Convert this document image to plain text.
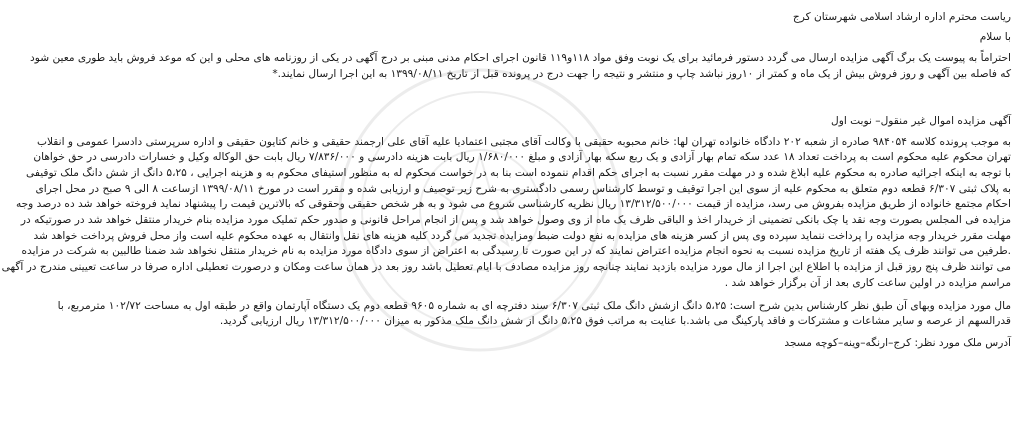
ریاست محترم اداره ارشاد اسلامی شهرستان کرج

با سلام

احتراماً به پیوست یک برگ آگهی مزایده ارسال می گردد دستور فرمائید برای یک نوبت وفق مواد ۱۱۸و۱۱۹ قانون اجرای احکام مدنی مبنی بر درج آگهی در یکی از روزنامه های محلی و این که موعد فروش باید طوری معین شود

که فاصله بین آگهی و روز فروش بیش از یک ماه و کمتر از ۱۰روز نباشد چاپ و منتشر و نتیجه را جهت درج در پرونده قبل از تاریخ ۱۳۹۹/۰۸/۱۱ به این اجرا ارسال نمایند.*

آگهی مزایده اموال غیر منقول– نوبت اول

به موجب پرونده کلاسه ۹۸۴۰۵۴ صادره از شعبه ۲۰۲ دادگاه خانواده تهران لها: خانم محبوبه حقیقی با وکالت آقای مجتبی اعتمادیا علیه آقای علی ارجمند حقیقی و خانم کتایون حقیقی و اداره سرپرستی دادسرا عمومی و انقلاب

تهران محکوم علیه محکوم است به پرداخت تعداد ۱۸ عدد سکه تمام بهار آزادی و یک ربع سکه بهار آزادی و مبلغ ۱/۶۸۰/۰۰۰ ریال بابت هزینه دادرسی و ۷/۸۳۶/۰۰۰ ریال بابت حق الوکاله وکیل و خسارات دادرسی در حق خواهان

با توجه به اینکه اجرائیه صادره به محکوم علیه ابلاغ شده و در مهلت مقرر نسبت به اجرای حکم اقدام ننموده است بنا به در خواست محکوم له به منظور استیفای محکوم به و هزینه اجرایی ، ۵،۲۵ دانگ از شش دانگ ملک توقیفی

به پلاک ثبتی ۶/۳۰۷ قطعه دوم متعلق به محکوم علیه از سوی این اجرا توقیف و توسط کارشناس رسمی دادگستری به شرح زیر توصیف و ارزیابی شده و مقرر است در مورخ ۱۳۹۹/۰۸/۱۱ ازساعت ۸ الی ۹ صبح در محل اجرای

احکام مجتمع خانواده از طریق مزایده بفروش می رسد، مزایده از قیمت ۱۳/۳۱۲/۵۰۰/۰۰۰ ریال نظریه کارشناسی شروع می شود و به هر شخص حقیقی وحقوقی که بالاترین قیمت را پیشنهاد نماید فروخته خواهد شد ده درصد وجه

مزایده فی المجلس بصورت وجه نقد یا چک بانکی تضمینی از خریدار اخذ و الباقی ظرف یک ماه از وی وصول خواهد شد و پس از انجام مراحل قانونی و صدور حکم تملیک مورد مزایده بنام خریدار منتقل خواهد شد در صورتیکه در

مهلت مقرر خریدار وجه مزایده را پرداخت ننماید سپرده وی پس از کسر هزینه های مزایده به نفع دولت ضبط ومزایده تجدید می گردد کلیه هزینه های نقل وانتقال به عهده محکوم علیه است واز محل فروش پرداخت خواهد شد

.طرفین می توانند ظرف یک هفته از تاریخ مزایده نسبت به نحوه انجام مزایده اعتراض نمایند که در این صورت تا رسیدگی به اعتراض از سوی دادگاه مورد مزایده به نام خریدار منتقل نخواهد شد ضمنا طالبین به شرکت در مزایده

می توانند ظرف پنج روز قبل از مزایده با اطلاع این اجرا از مال مورد مزایده بازدید نمایند چنانچه روز مزایده مصادف با ایام تعطیل باشد روز بعد در همان ساعت ومکان و درصورت تعطیلی اداره صرفا در ساعت تعیینی مندرج در آگهی

مراسم مزایده در اولین ساعت کاری بعد از آن برگزار خواهد شد .

مال مورد مزایده وبهای آن طبق نظر کارشناس بدین شرح است: ۵،۲۵ دانگ ازشش دانگ ملک ثبتی ۶/۳۰۷ سند دفترچه ای به شماره ۹۶۰۵ قطعه دوم یک دستگاه آپارتمان واقع در طبقه اول به مساحت ۱۰۲/۷۲ مترمربع، با

قدرالسهم از عرصه و سایر مشاعات و مشترکات و فاقد پارکینگ می باشد.با عنایت به مراتب فوق ۵،۲۵ دانگ از شش دانگ ملک مذکور به میزان ۱۳/۳۱۲/۵۰۰/۰۰۰ ریال ارزیابی گردید.

آدرس ملک مورد نظر: کرج–ارنگه–وینه–کوچه مسجد
